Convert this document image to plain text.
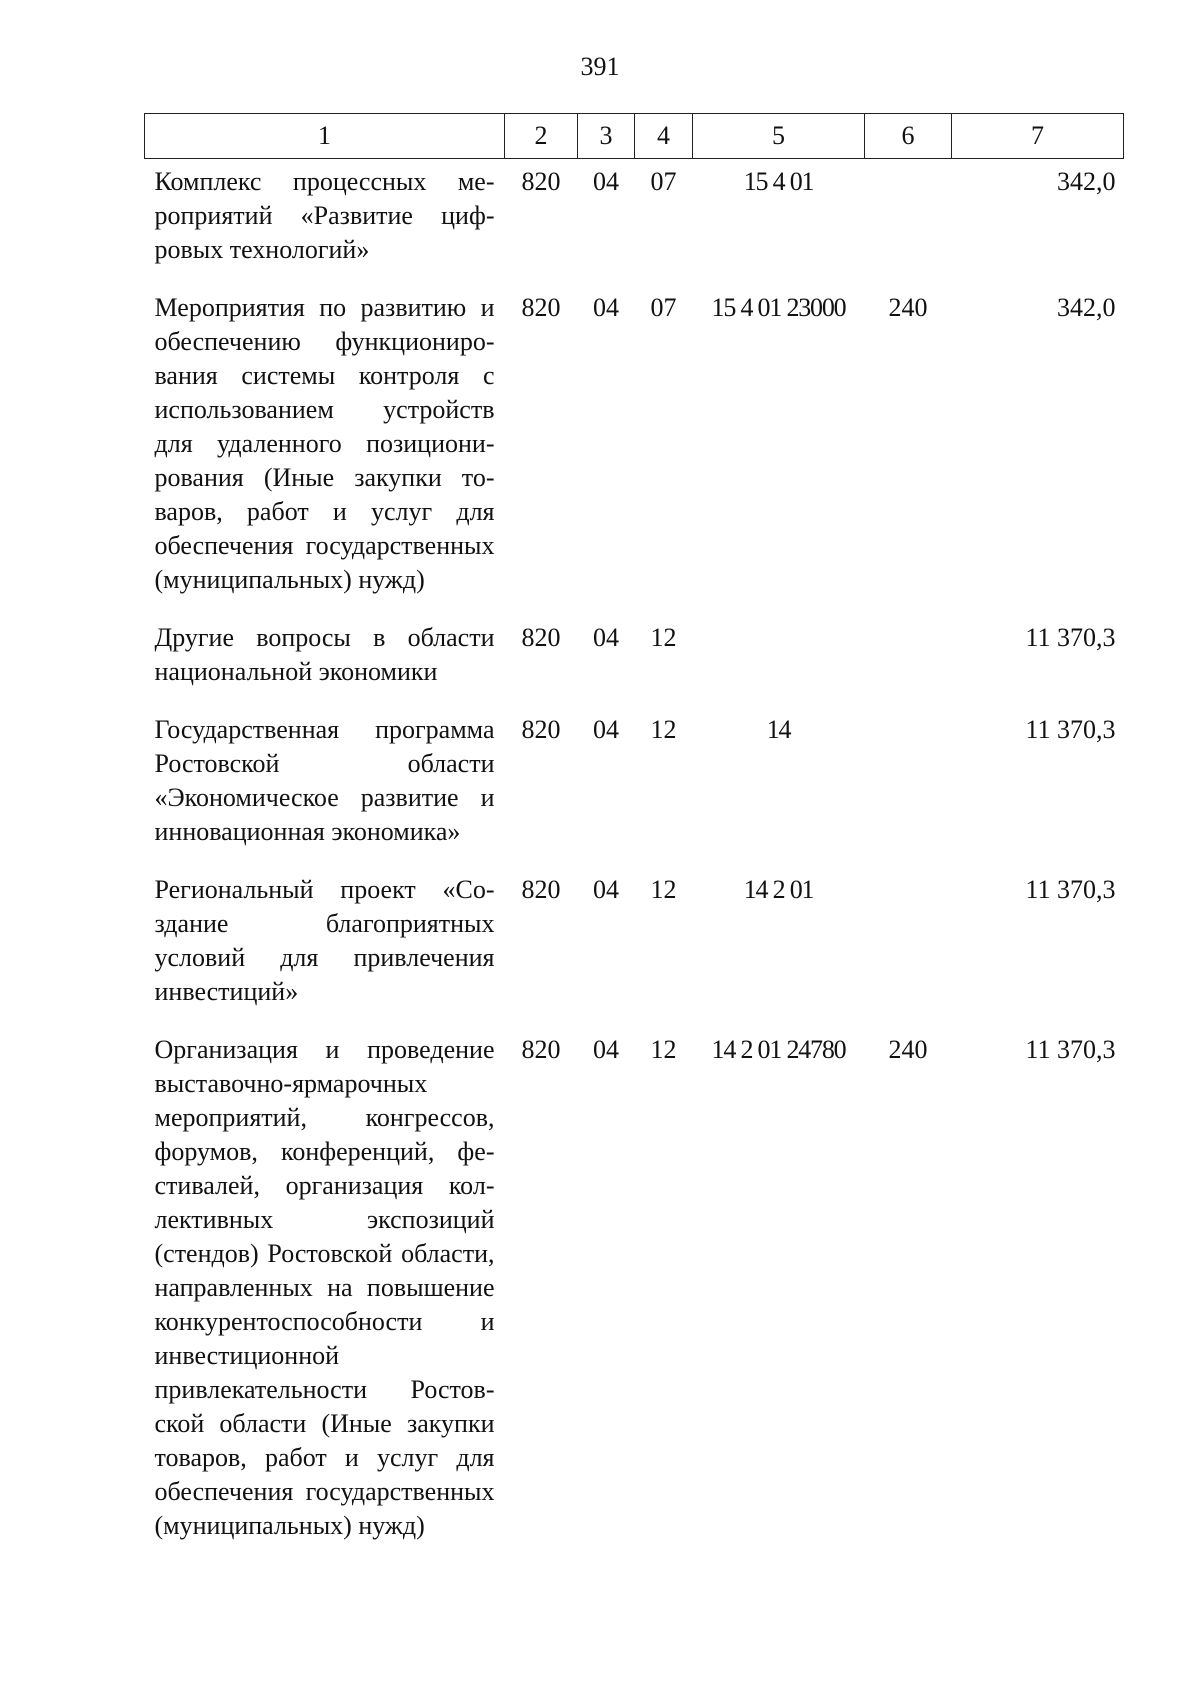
391
1	2	3	4	5	6	7
Комплекс процессных мероприятий «Развитие цифровых технологий»	820	04	07	15 4 01		342,0
Мероприятия по развитию и обеспечению функционирования системы контроля с использованием устройств для удаленного позиционирования (Иные закупки товаров, работ и услуг для обеспечения государственных (муниципальных) нужд)	820	04	07	15 4 01 23000	240	342,0
Другие вопросы в области национальной экономики	820	04	12			11 370,3
Государственная программа Ростовской области «Экономическое развитие и инновационная экономика»	820	04	12	14		11 370,3
Региональный проект «Создание благоприятных условий для привлечения инвестиций»	820	04	12	14 2 01		11 370,3
Организация и проведение выставочно-ярмарочных мероприятий, конгрессов, форумов, конференций, фестивалей, организация коллективных экспозиций (стендов) Ростовской области, направленных на повышение конкурентоспособности и инвестиционной привлекательности Ростовской области (Иные закупки товаров, работ и услуг для обеспечения государственных (муниципальных) нужд)	820	04	12	14 2 01 24780	240	11 370,3
